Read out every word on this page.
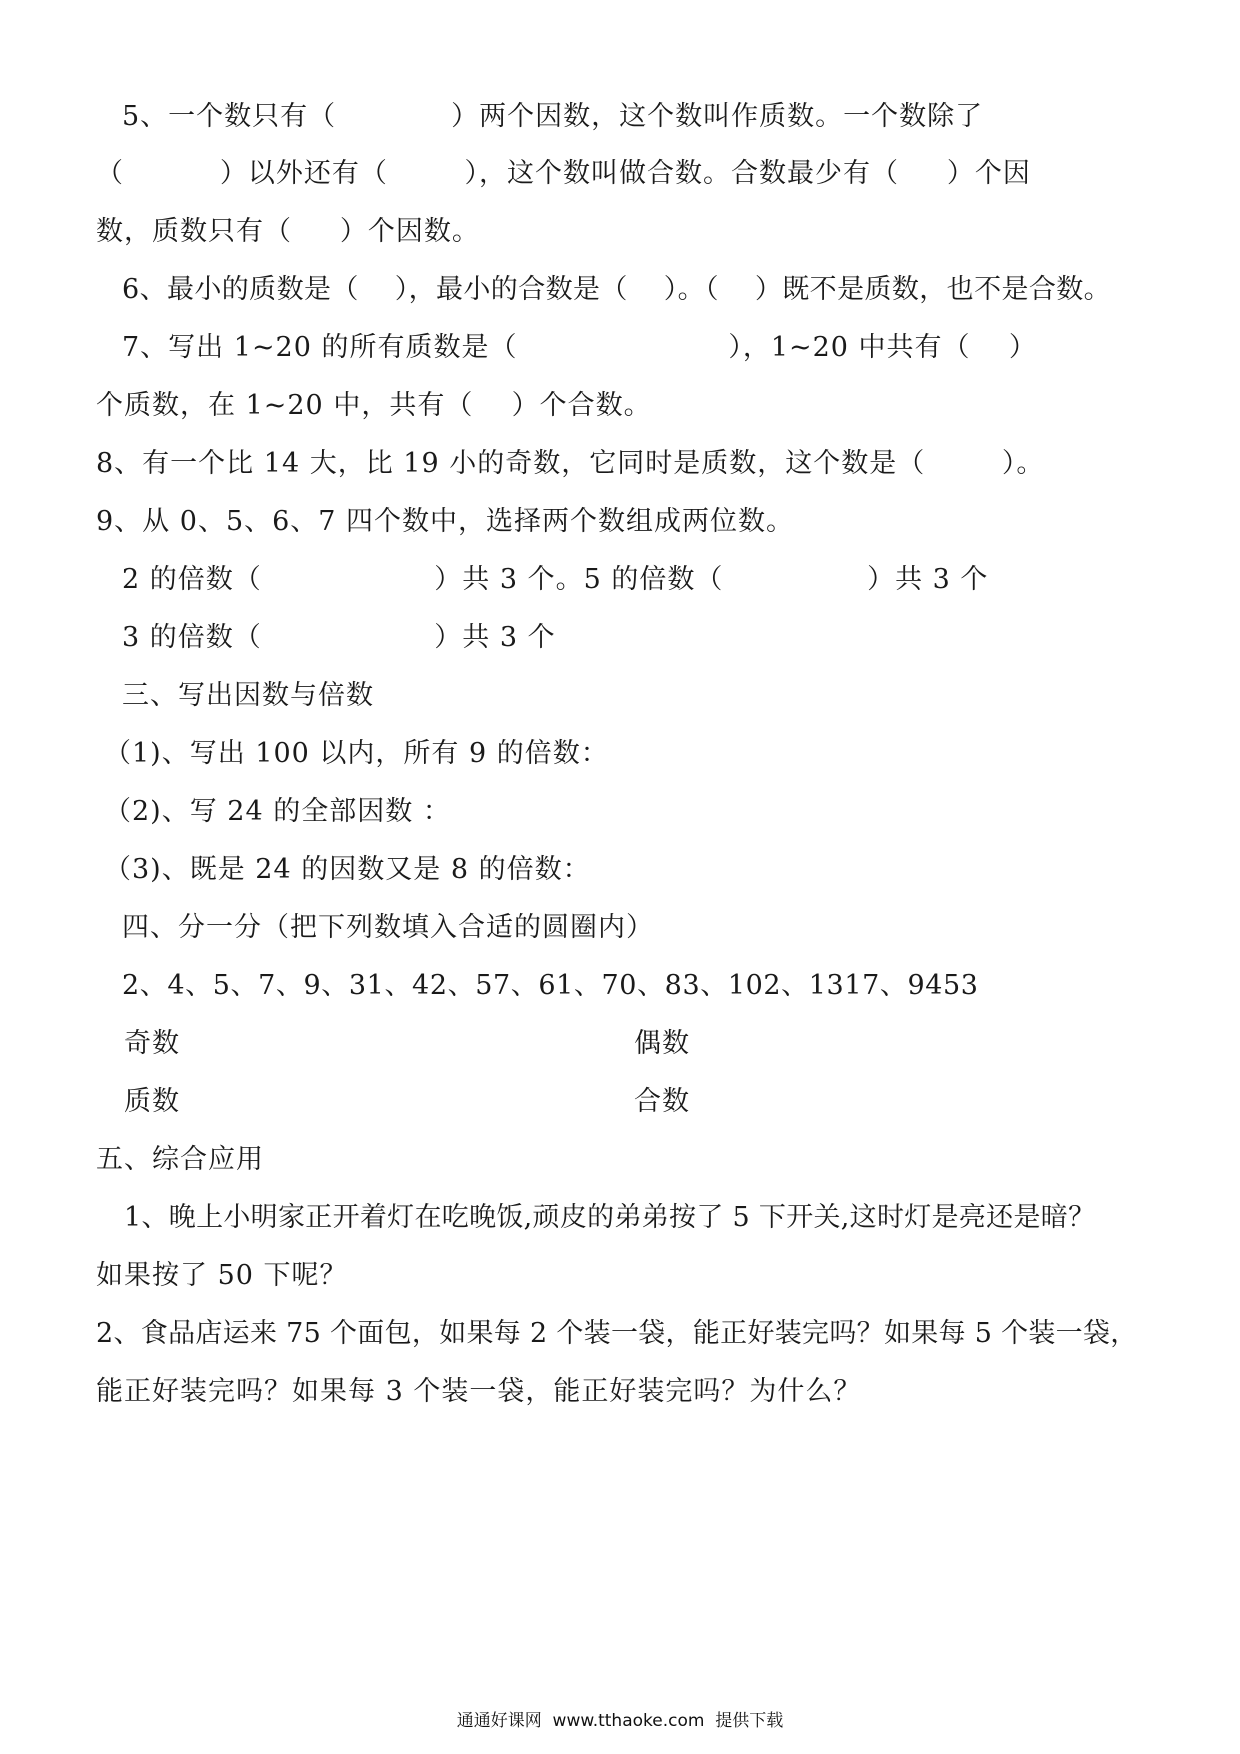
5、一个数只有（            ）两个因数，这个数叫作质数。一个数除了
（          ）以外还有（        ），这个数叫做合数。合数最少有（     ）个因
数，质数只有（     ）个因数。
6、最小的质数是（    ），最小的合数是（    ）。（    ）既不是质数，也不是合数。
7、写出 1~20 的所有质数是（                      ），1~20 中共有（    ）
个质数，在 1~20 中，共有（    ）个合数。
8、有一个比 14 大，比 19 小的奇数，它同时是质数，这个数是（        ）。
9、从 0、5、6、7 四个数中，选择两个数组成两位数。
2 的倍数（                  ）共 3 个。5 的倍数（               ）共 3 个
3 的倍数（                  ）共 3 个
三、写出因数与倍数
（1)、写出 100 以内，所有 9 的倍数：
（2)、写 24 的全部因数 ：
（3)、既是 24 的因数又是 8 的倍数：
四、分一分（把下列数填入合适的圆圈内）
2、4、5、7、9、31、42、57、61、70、83、102、1317、9453
奇数	偶数
质数	合数
五、综合应用
1、晚上小明家正开着灯在吃晚饭,顽皮的弟弟按了 5 下开关,这时灯是亮还是暗？
如果按了 50 下呢？
2、食品店运来 75 个面包，如果每 2 个装一袋，能正好装完吗？如果每 5 个装一袋，
能正好装完吗？如果每 3 个装一袋，能正好装完吗？为什么？
通通好课网  www.tthaoke.com  提供下载
